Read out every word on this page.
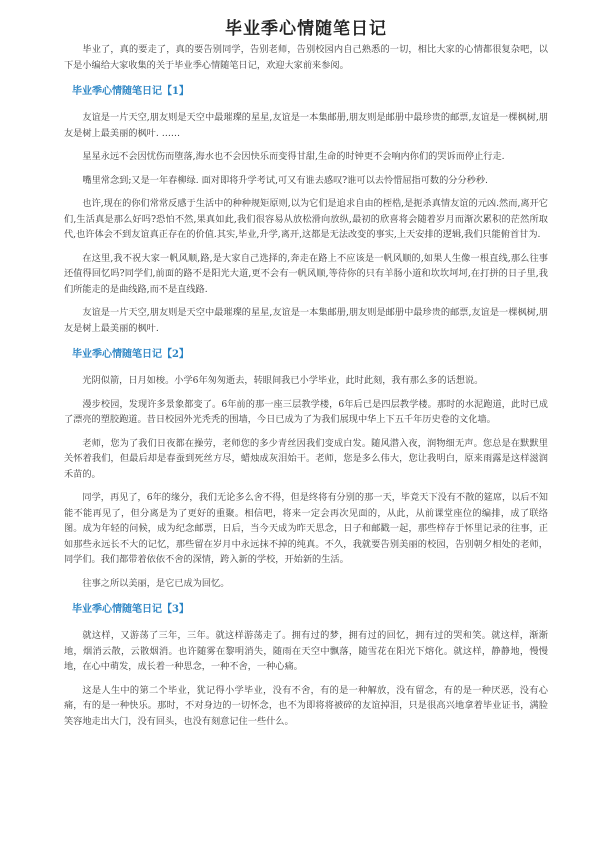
毕业季心情随笔日记

毕业了，真的要走了，真的要告别同学，告别老师，告别校园内自己熟悉的一切，相比大家的心情都很复杂吧，以下是小编给大家收集的关于毕业季心情随笔日记，欢迎大家前来参阅。

毕业季心情随笔日记【1】

友谊是一片天空,朋友则是天空中最璀璨的星星,友谊是一本集邮册,朋友则是邮册中最珍贵的邮票,友谊是一棵枫树,朋友是树上最美丽的枫叶. ……

星星永远不会因忧伤而堕落,海水也不会因快乐而变得甘甜,生命的时钟更不会响内你们的哭诉而停止行走.

嘴里常念到;又是一年春柳绿. 面对即将升学考试,可又有谁去感叹?谁可以去怜惜屈指可数的分分秒秒.

也许,现在的你们常常反感于生活中的种种规矩原则,以为它们是追求自由的桎梏,是扼杀真情友谊的元凶.然而,离开它们,生活真是那么好吗?恐怕不然,果真如此,我们很容易从放松滑向放纵,最初的欣喜将会随着岁月而渐次累积的茫然所取代,也许体会不到友谊真正存在的价值.其实,毕业,升学,离开,这都是无法改变的事实,上天安排的逻辑,我们只能俯首甘为.

在这里,我不祝大家一帆风顺,路,是大家自己选择的,奔走在路上不应该是一帆风顺的,如果人生像一根直线,那么往事还值得回忆吗?同学们,前面的路不是阳光大道,更不会有一帆风顺,等待你的只有羊肠小道和坎坎坷坷,在打拼的日子里,我们所能走的是曲线路,而不是直线路.

友谊是一片天空,朋友则是天空中最璀璨的星星,友谊是一本集邮册,朋友则是邮册中最珍贵的邮票,友谊是一棵枫树,朋友是树上最美丽的枫叶.

毕业季心情随笔日记【2】

光阴似箭，日月如梭。小学6年匆匆逝去，转眼间我已小学毕业，此时此刻，我有那么多的话想说。

漫步校园，发现许多景象都变了。6年前的那一座三层教学楼，6年后已是四层教学楼。那时的水泥跑道，此时已成了漂亮的塑胶跑道。昔日校园外光秃秃的围墙，今日已成为了为我们展现中华上下五千年历史卷的文化墙。

老师，您为了我们日夜都在操劳，老师您的多少青丝因我们变成白发。随风潜入夜，润物细无声。您总是在默默里关怀着我们，但最后却是春蚕到死丝方尽，蜡烛成灰泪始干。老师，您是多么伟大，您让我明白，原来雨露是这样滋润禾苗的。

同学，再见了，6年的缘分，我们无论多么舍不得，但是终将有分别的那一天，毕竟天下没有不散的筵席，以后不知能不能再见了，但分离是为了更好的重聚。相信吧，将来一定会再次见面的，从此，从前课堂座位的编排，成了联络图。成为年轻的问候，成为纪念邮票，日后，当今天成为昨天思念，日子和邮戳一起，那些梓存于怀里记录的往事，正如那些永远长不大的记忆，那些留在岁月中永远抹不掉的纯真。不久，我就要告别美丽的校园，告别朝夕相处的老师，同学们。我们都带着依依不舍的深情，跨入新的学校，开始新的生活。

往事之所以美丽，是它已成为回忆。

毕业季心情随笔日记【3】

就这样，又游荡了三年，三年。就这样游荡走了。拥有过的梦，拥有过的回忆，拥有过的哭和笑。就这样，渐渐地，烟消云散，云散烟消。也许随雾在黎明消失，随雨在天空中飘落，随雪花在阳光下熔化。就这样，静静地，慢慢地，在心中萌发，成长着一种思念，一种不舍，一种心痛。

这是人生中的第二个毕业，犹记得小学毕业，没有不舍，有的是一种解放，没有留念，有的是一种厌恶，没有心痛，有的是一种快乐。那时，不对身边的一切怀念，也不为即将将被碎的友谊掉泪，只是很高兴地拿着毕业证书，满脸笑容地走出大门，没有回头，也没有刻意记住一些什么。
